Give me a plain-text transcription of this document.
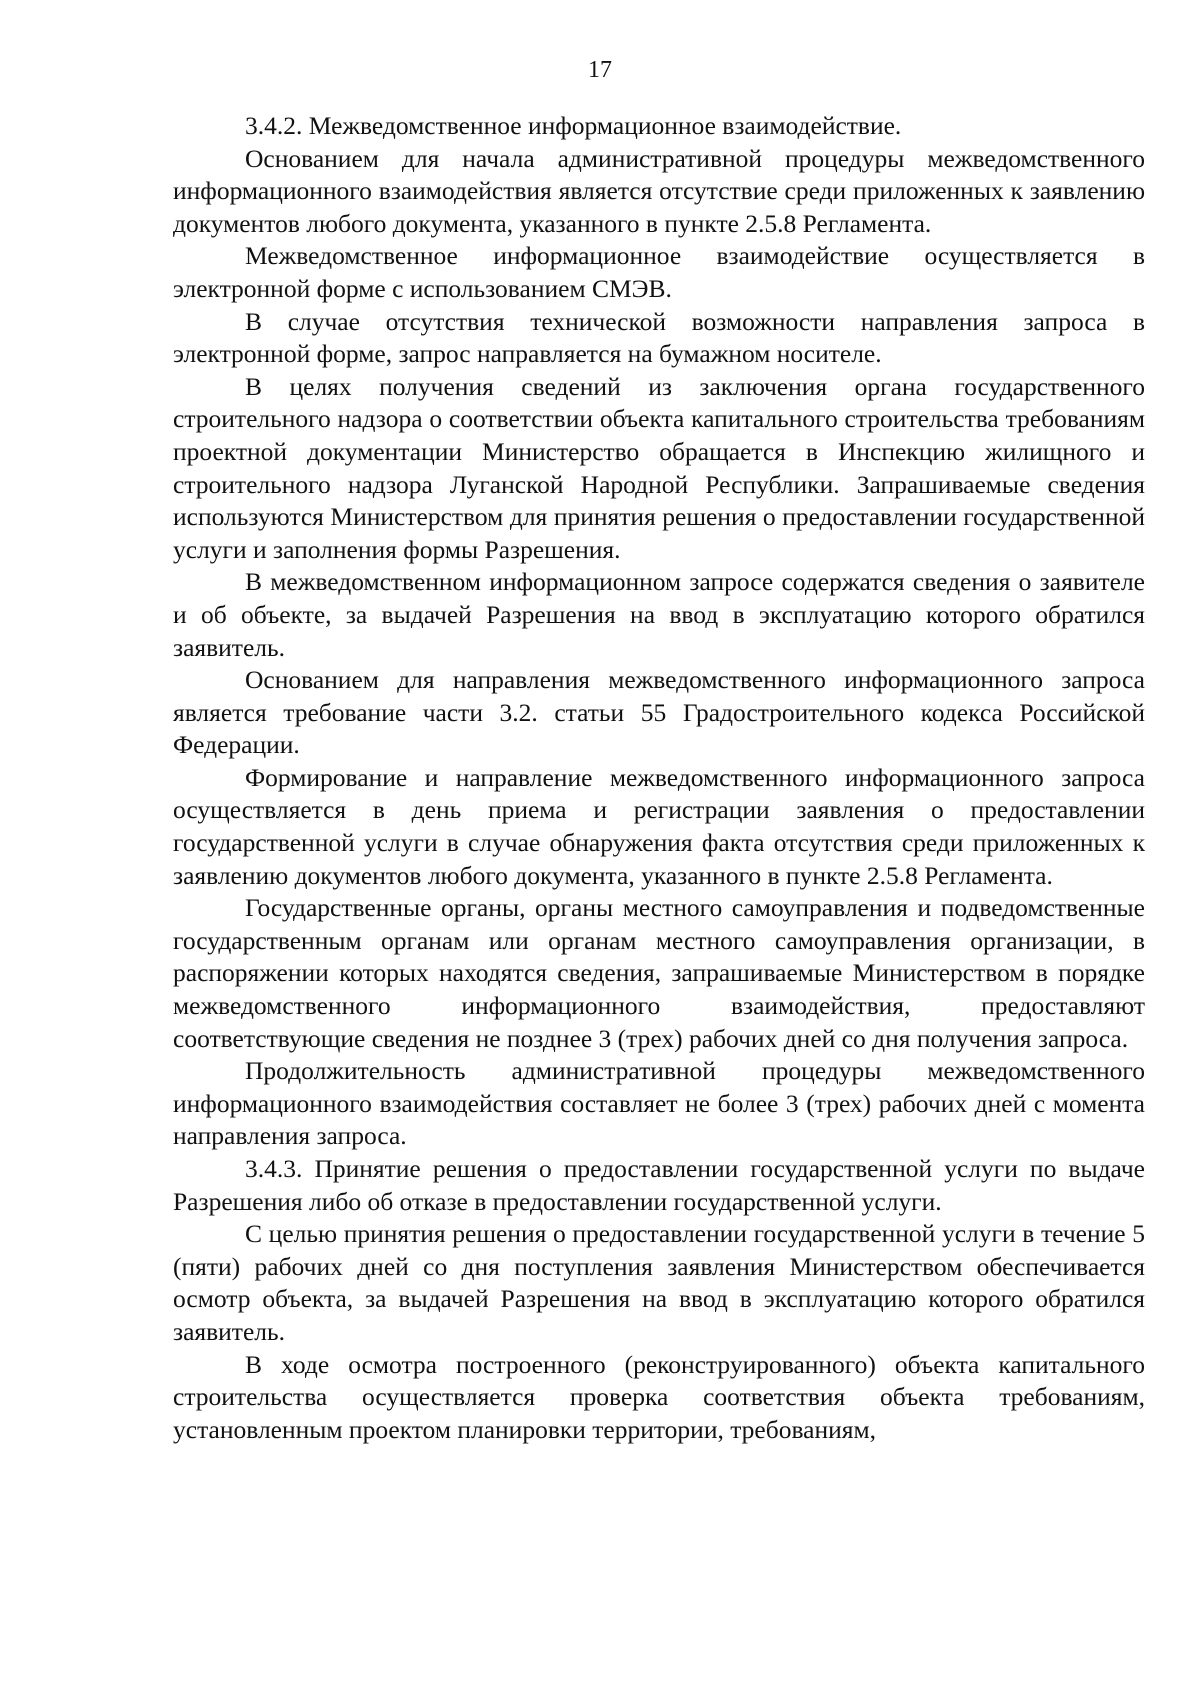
17

3.4.2. Межведомственное информационное взаимодействие.

Основанием для начала административной процедуры межведомственного информационного взаимодействия является отсутствие среди приложенных к заявлению документов любого документа, указанного в пункте 2.5.8 Регламента.

Межведомственное информационное взаимодействие осуществляется в электронной форме с использованием СМЭВ.

В случае отсутствия технической возможности направления запроса в электронной форме, запрос направляется на бумажном носителе.

В целях получения сведений из заключения органа государственного строительного надзора о соответствии объекта капитального строительства требованиям проектной документации Министерство обращается в Инспекцию жилищного и строительного надзора Луганской Народной Республики. Запрашиваемые сведения используются Министерством для принятия решения о предоставлении государственной услуги и заполнения формы Разрешения.

В межведомственном информационном запросе содержатся сведения о заявителе и об объекте, за выдачей Разрешения на ввод в эксплуатацию которого обратился заявитель.

Основанием для направления межведомственного информационного запроса является требование части 3.2. статьи 55 Градостроительного кодекса Российской Федерации.

Формирование и направление межведомственного информационного запроса осуществляется в день приема и регистрации заявления о предоставлении государственной услуги в случае обнаружения факта отсутствия среди приложенных к заявлению документов любого документа, указанного в пункте 2.5.8 Регламента.

Государственные органы, органы местного самоуправления и подведомственные государственным органам или органам местного самоуправления организации, в распоряжении которых находятся сведения, запрашиваемые Министерством в порядке межведомственного информационного взаимодействия, предоставляют соответствующие сведения не позднее 3 (трех) рабочих дней со дня получения запроса.

Продолжительность административной процедуры межведомственного информационного взаимодействия составляет не более 3 (трех) рабочих дней с момента направления запроса.

3.4.3. Принятие решения о предоставлении государственной услуги по выдаче Разрешения либо об отказе в предоставлении государственной услуги.

С целью принятия решения о предоставлении государственной услуги в течение 5 (пяти) рабочих дней со дня поступления заявления Министерством обеспечивается осмотр объекта, за выдачей Разрешения на ввод в эксплуатацию которого обратился заявитель.

В ходе осмотра построенного (реконструированного) объекта капитального строительства осуществляется проверка соответствия объекта требованиям, установленным проектом планировки территории, требованиям,
